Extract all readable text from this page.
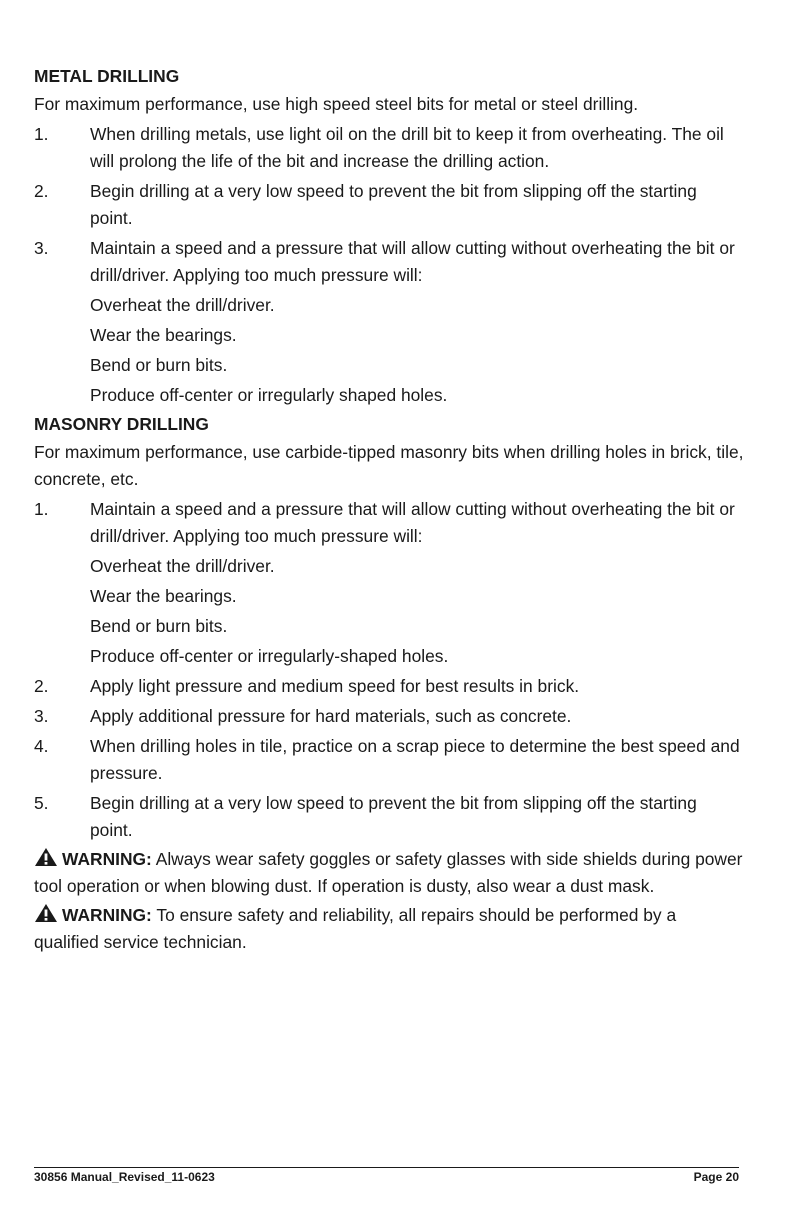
METAL DRILLING

For maximum performance, use high speed steel bits for metal or steel drilling.

1.	When drilling metals, use light oil on the drill bit to keep it from overheating. The oil will prolong the life of the bit and increase the drilling action.
2.	Begin drilling at a very low speed to prevent the bit from slipping off the starting point.
3.	Maintain a speed and a pressure that will allow cutting without overheating the bit or drill/driver. Applying too much pressure will:
Overheat the drill/driver.
Wear the bearings.
Bend or burn bits.
Produce off-center or irregularly shaped holes.
MASONRY DRILLING

For maximum performance, use carbide-tipped masonry bits when drilling holes in brick, tile, concrete, etc.

1.	Maintain a speed and a pressure that will allow cutting without overheating the bit or drill/driver. Applying too much pressure will:
Overheat the drill/driver.
Wear the bearings.
Bend or burn bits.
Produce off-center or irregularly-shaped holes.
2.	Apply light pressure and medium speed for best results in brick.
3.	Apply additional pressure for hard materials, such as concrete.
4.	When drilling holes in tile, practice on a scrap piece to determine the best speed and pressure.
5.	Begin drilling at a very low speed to prevent the bit from slipping off the starting point.
WARNING: Always wear safety goggles or safety glasses with side shields during power tool operation or when blowing dust. If operation is dusty, also wear a dust mask.
WARNING: To ensure safety and reliability, all repairs should be performed by a qualified service technician.
30856 Manual_Revised_11-0623	Page 20
